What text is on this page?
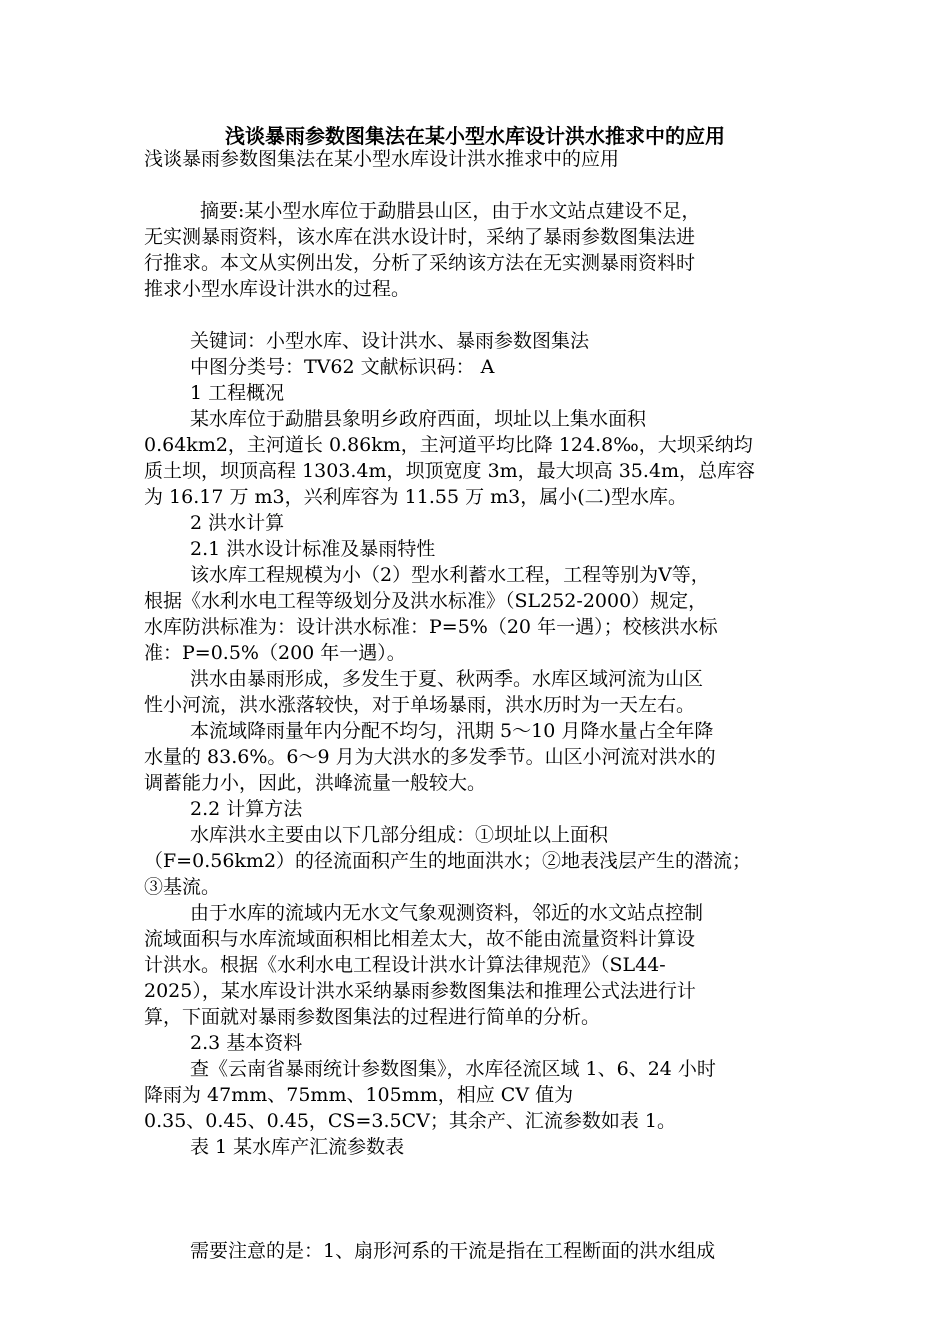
浅谈暴雨参数图集法在某小型水库设计洪水推求中的应用

浅谈暴雨参数图集法在某小型水库设计洪水推求中的应用

摘要:某小型水库位于勐腊县山区，由于水文站点建设不足，

无实测暴雨资料，该水库在洪水设计时，采纳了暴雨参数图集法进

行推求。本文从实例出发，分析了采纳该方法在无实测暴雨资料时

推求小型水库设计洪水的过程。

关键词：小型水库、设计洪水、暴雨参数图集法

中图分类号：TV62 文献标识码： A

1 工程概况

某水库位于勐腊县象明乡政府西面，坝址以上集水面积

0.64km2，主河道长 0.86km，主河道平均比降 124.8‰，大坝采纳均

质土坝，坝顶高程 1303.4m，坝顶宽度 3m，最大坝高 35.4m，总库容

为 16.17 万 m3，兴利库容为 11.55 万 m3，属小(二)型水库。

2 洪水计算

2.1 洪水设计标准及暴雨特性

该水库工程规模为小（2）型水利蓄水工程，工程等别为Ⅴ等，

根据《水利水电工程等级划分及洪水标准》（SL252-2000）规定，

水库防洪标准为：设计洪水标准：P=5%（20 年一遇）；校核洪水标

准：P=0.5%（200 年一遇）。

洪水由暴雨形成，多发生于夏、秋两季。水库区域河流为山区

性小河流，洪水涨落较快，对于单场暴雨，洪水历时为一天左右。

本流域降雨量年内分配不均匀，汛期 5～10 月降水量占全年降

水量的 83.6%。6～9 月为大洪水的多发季节。山区小河流对洪水的

调蓄能力小，因此，洪峰流量一般较大。

2.2 计算方法

水库洪水主要由以下几部分组成：①坝址以上面积

（F=0.56km2）的径流面积产生的地面洪水；②地表浅层产生的潜流；

③基流。

由于水库的流域内无水文气象观测资料，邻近的水文站点控制

流域面积与水库流域面积相比相差太大，故不能由流量资料计算设

计洪水。根据《水利水电工程设计洪水计算法律规范》（SL44-

2025），某水库设计洪水采纳暴雨参数图集法和推理公式法进行计

算，下面就对暴雨参数图集法的过程进行简单的分析。

2.3 基本资料

查《云南省暴雨统计参数图集》，水库径流区域 1、6、24 小时

降雨为 47mm、75mm、105mm，相应 CV 值为

0.35、0.45、0.45，CS=3.5CV；其余产、汇流参数如表 1。

表 1 某水库产汇流参数表

需要注意的是：1、扇形河系的干流是指在工程断面的洪水组成
